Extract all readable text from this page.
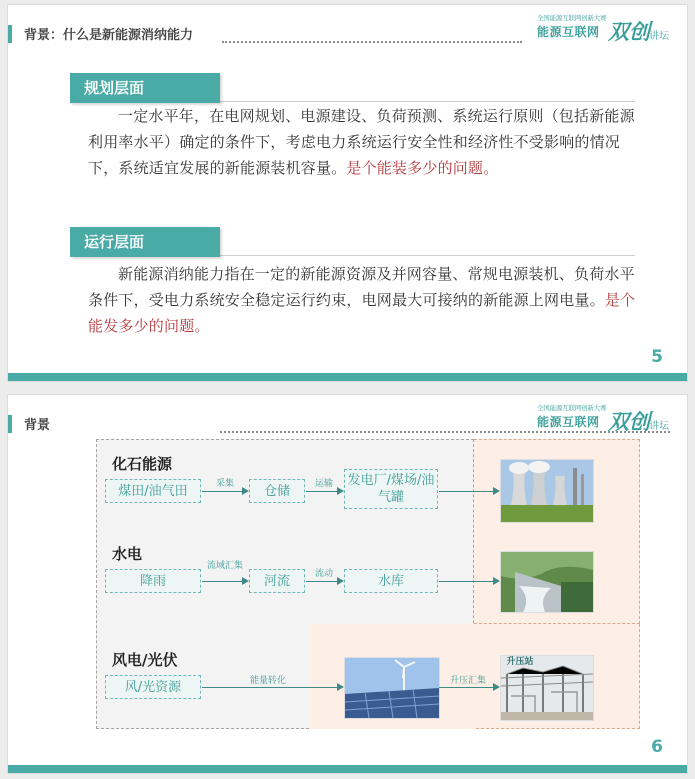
背景：什么是新能源消纳能力
全国能源互联网创新大赛
能源互联网 双创 讲坛
规划层面

一定水平年，在电网规划、电源建设、负荷预测、系统运行原则（包括新能源利用率水平）确定的条件下，考虑电力系统运行安全性和经济性不受影响的情况下，系统适宜发展的新能源装机容量。是个能装多少的问题。

运行层面

新能源消纳能力指在一定的新能源资源及并网容量、常规电源装机、负荷水平条件下，受电力系统安全稳定运行约束，电网最大可接纳的新能源上网电量。是个能发多少的问题。

5
背景
全国能源互联网创新大赛
能源互联网 双创 讲坛
化石能源
煤田/油气田	采集	仓储	运输	发电厂/煤场/油气罐
水电
降雨
流域汇集
河流	流动	水库
风电/光伏
风/光资源	能量转化	升压汇集
升压站
6
